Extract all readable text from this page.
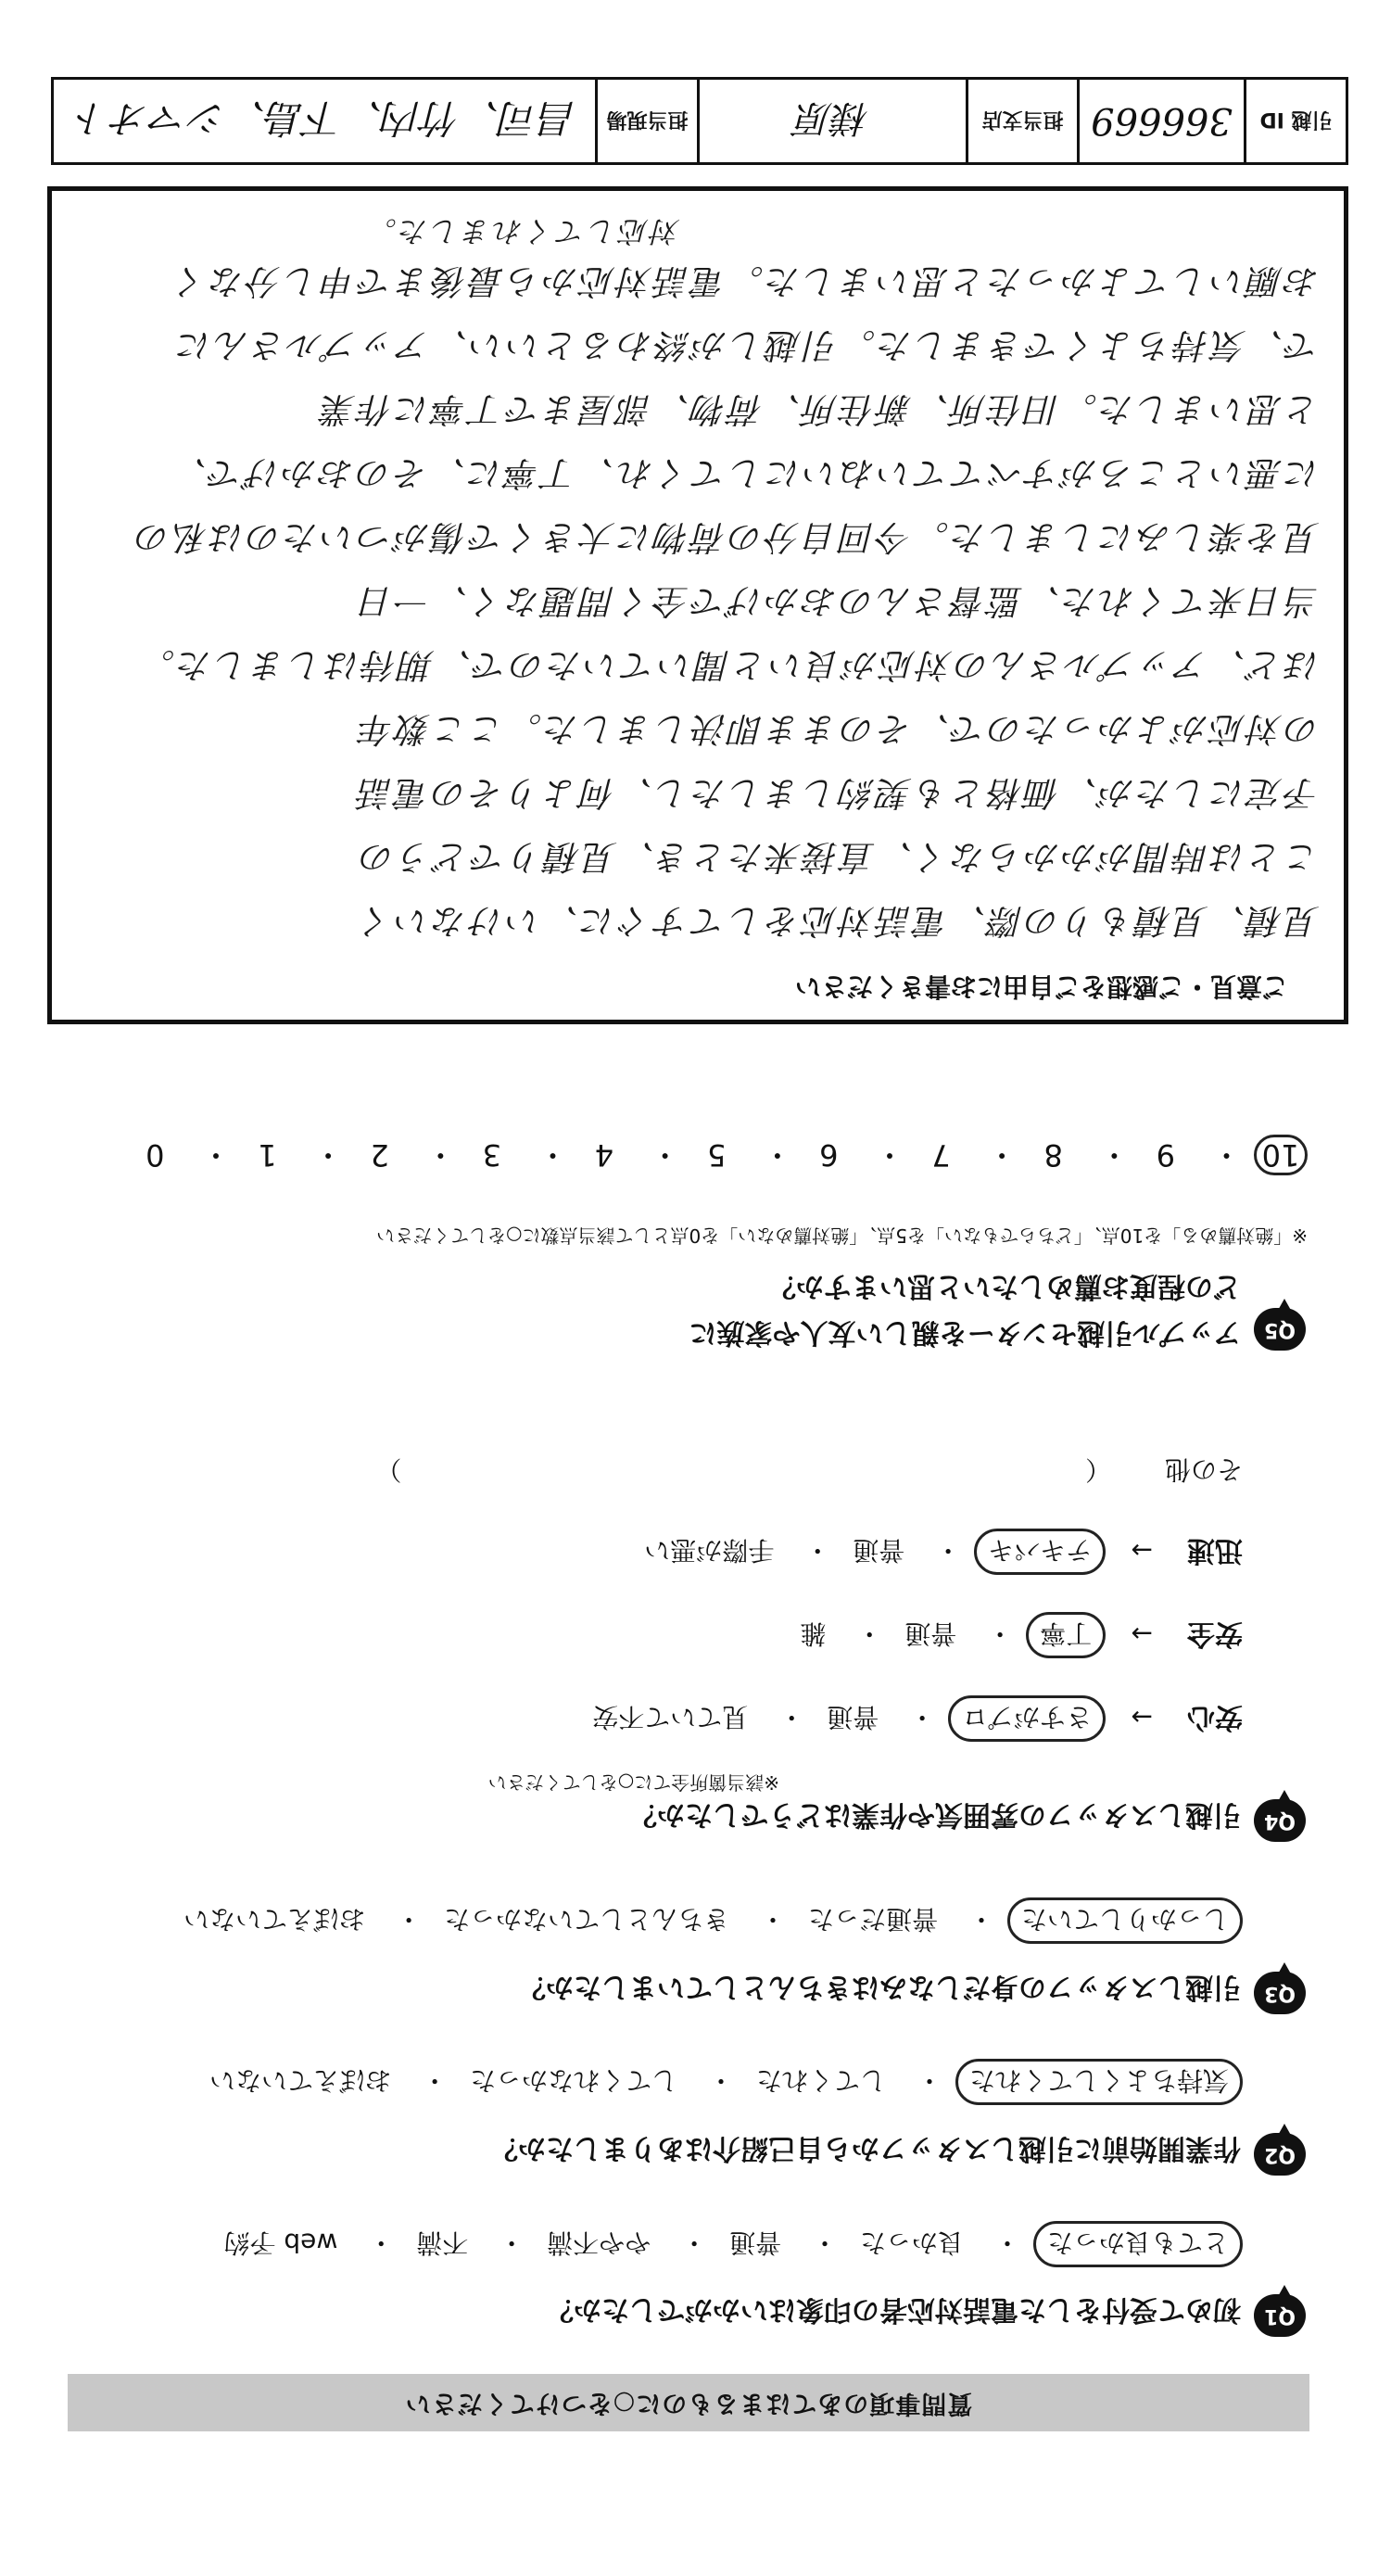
質問事項のあてはまるものに○をつけてください
Q1
初めて受付をした電話対応者の印象はいかがでしたか？
とても良かった・ 良かった・ 普通・ やや不満・ 不満・ web 予約
Q2
作業開始前に引越しスタッフから自己紹介はありましたか？
気持ちよくしてくれた・ してくれた・ してくれなかった・ おぼえていない
Q3
引越しスタッフの身だしなみはきちんとしていましたか？
しっかりしていた・ 普通だった・ きちんとしていなかった・ おぼえていない
Q4
引越しスタッフの雰囲気や作業はどうでしたか？
※該当箇所全てに○をしてください
安心 → さすがプロ・ 普通・ 見ていて不安
安全 → 丁寧・ 普通・ 雑
迅速 → テキパキ・ 普通・ 手際が悪い
その他  （  ）
Q5
アップル引越センターを親しい友人や家族に
どの程度お薦めしたいと思いますか？
※「絶対薦める」を10点、「どちらでもない」を5点、「絶対薦めない」を0点として該当点数に○をしてください
10・ 9・ 8・ 7・ 6・ 5・ 4・ 3・ 2・ 1・ 0
ご意見・ご感想をご自由にお書きください
見積、見積もりの際、電話対応をしてすぐに、いけないく
ことは時間がかからなく、直接来たとき、見積りでどうの
予定にしたが、価格とも契約しましたし、何よりその電話
の対応がよかったので、そのまま即決しました。ここ数年
ほど、アップルさんの対応が良いと聞いていたので、期待はしました。
当日来てくれた、監督さんのおかげで全く問題なく、一日
見を楽しみにしました。今回自分の荷物に大きくで傷がついたのは私の
に悪いところがすべてていねいにしてくれ、丁寧に、そのおかげで、
と思いました。旧住所、新住所、荷物、部屋まで丁寧に作業
で、気持ちよくできました。引越しが終わるといい、アップルさんに
お願いしてよかったと思いました。電話対応から最後まで申し分なく
対応してくれました。
引越 ID
366669
担当支店
様原
担当現場
昌司、竹内、下島、シマオト
